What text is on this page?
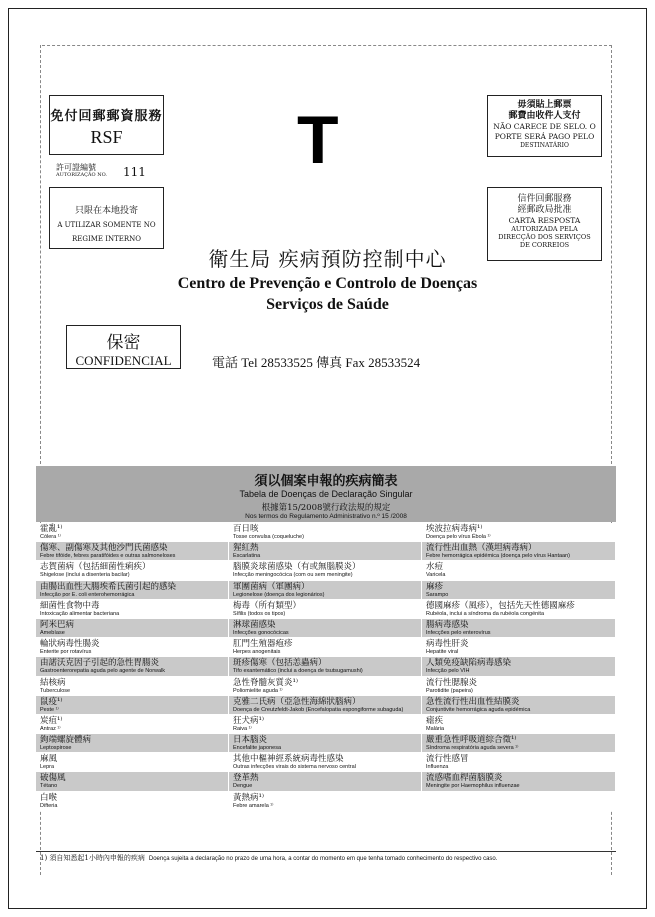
免付回郵郵資服務
RSF
許可證編號
AUTORIZAÇÃO NO.	111
只限在本地投寄
A UTILIZAR SOMENTE NO
REGIME INTERNO
毋須貼上郵票
郵費由收件人支付
NÃO CARECE DE SELO. O
PORTE SERÁ PAGO PELO
DESTINATÁRIO
信件回郵服務
經郵政局批准
CARTA RESPOSTA
AUTORIZADA PELA
DIRECÇÃO DOS SERVIÇOS
DE CORREIOS
T
衛生局 疾病預防控制中心
Centro de Prevenção e Controlo de Doenças
Serviços de Saúde
保密
CONFIDENCIAL	電話 Tel 28533525 傳真 Fax 28533524
須以個案申報的疾病簡表
Tabela de Doenças de Declaração Singular
根據第15/2008號行政法規的規定
Nos termos do Regulamento Administrativo n.º 15 /2008
霍亂¹⁾
Cólera ¹⁾
百日咳
Tosse convulsa (coqueluche)
埃波拉病毒病¹⁾
Doença pelo vírus Ébola ¹⁾
傷寒、副傷寒及其他沙門氏菌感染
Febre tifóide, febres paratifóides e outras salmoneloses
猩紅熱
Escarlatina
流行性出血熱（漢坦病毒病）
Febre hemorrágica epidémica (doença pelo vírus Hantaan)
志賀菌病（包括細菌性痢疾）
Shigelose (inclui a disenteria bacilar)
腦膜炎球菌感染（有或無腦膜炎）
Infecção meningocócica (com ou sem meningite)
水痘
Varicela
由腸出血性大腸埃希氏菌引起的感染
Infecção por E. coli enterohemorrágica
軍團菌病（軍團病）
Legionelose (doença dos legionários)
麻疹
Sarampo
細菌性食物中毒
Intoxicação alimentar bacteriana
梅毒（所有類型）
Sífilis (todos os tipos)
德國麻疹（風疹），包括先天性德國麻疹
Rubéola, inclui a síndroma da rubéola congénita
阿米巴病
Amebíase
淋球菌感染
Infecções gonocócicas
腸病毒感染
Infecções pelo enterovírus
輪狀病毒性腸炎
Enterite por rotavírus
肛門生殖器疱疹
Herpes anogenitais
病毒性肝炎
Hepatite viral
由諾沃克因子引起的急性胃腸炎
Gastroenterorepatia aguda pelo agente de Norwalk
斑疹傷寒（包括恙蟲病）
Tifo exantemático (inclui a doença de tsutsugamushi)
人類免疫缺陷病毒感染
Infecção pelo VIH
結核病
Tuberculose
急性脊髓灰質炎¹⁾
Poliomielite aguda ¹⁾
流行性腮腺炎
Parotidite (papeira)
鼠疫¹⁾
Peste ¹⁾
克雅二氏病（亞急性海綿狀腦病）
Doença de Creutzfeldt-Jakob (Encefalopatia espongiforme subaguda)
急性流行性出血性結膜炎
Conjuntivite hemorrágica aguda epidémica
炭疽¹⁾
Antraz ¹⁾
狂犬病¹⁾
Raiva ¹⁾
瘧疾
Malária
鉤端螺旋體病
Leptospirose
日本腦炎
Encefalite japonesa
嚴重急性呼吸道綜合徵¹⁾
Síndroma respiratória aguda severa ¹⁾
麻風
Lepra
其他中樞神經系統病毒性感染
Outras infecções virais do sistema nervoso central
流行性感冒
Influenza
破傷風
Tétano
登革熱
Dengue
流感嗜血桿菌腦膜炎
Meningite por Haemophilus influenzae
白喉
Difteria
黃熱病¹⁾
Febre amarela ¹⁾
1) 須自知悉起1小時內申報的疾病 Doença sujeita a declaração no prazo de uma hora, a contar do momento em que tenha tomado conhecimento do respectivo caso.
